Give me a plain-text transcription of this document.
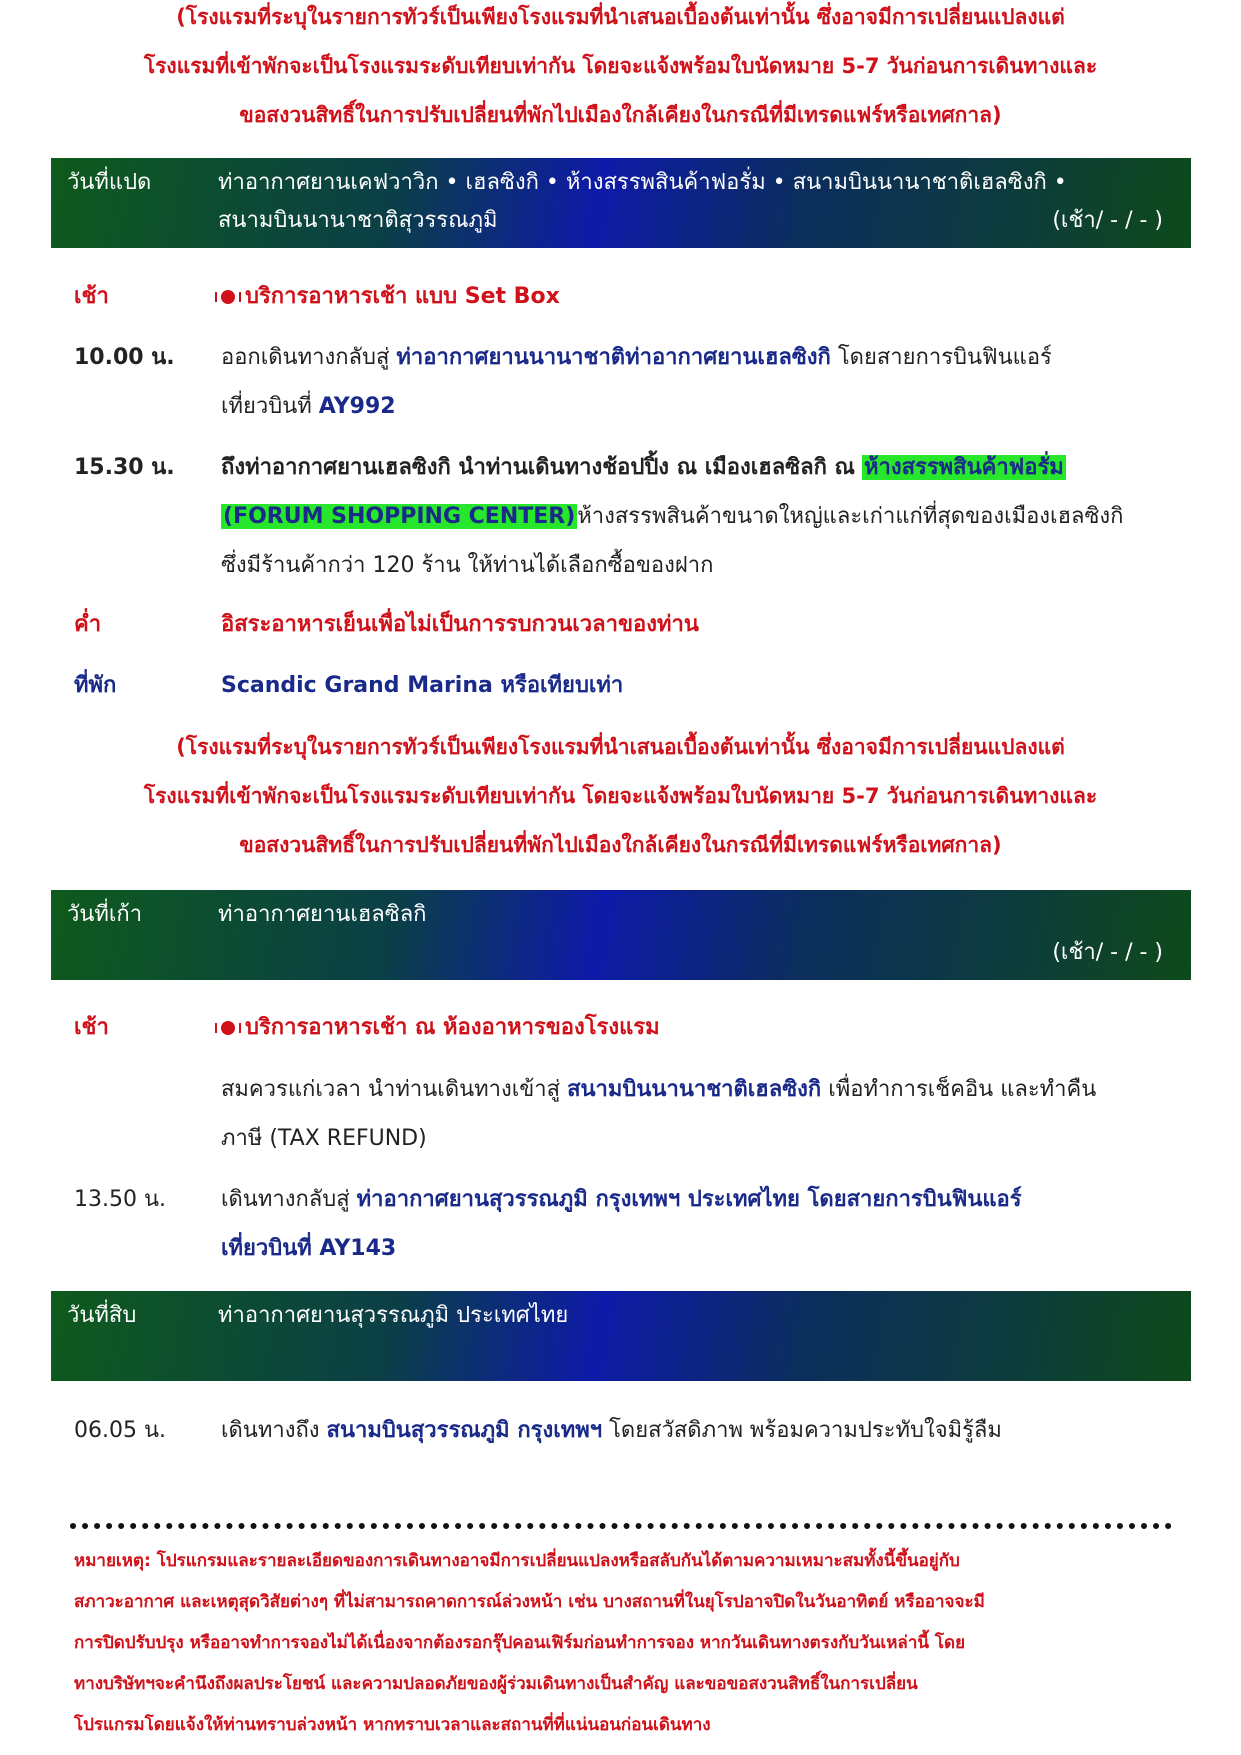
(โรงแรมที่ระบุในรายการทัวร์เป็นเพียงโรงแรมที่นำเสนอเบื้องต้นเท่านั้น ซึ่งอาจมีการเปลี่ยนแปลงแต่
โรงแรมที่เข้าพักจะเป็นโรงแรมระดับเทียบเท่ากัน โดยจะแจ้งพร้อมใบนัดหมาย 5-7 วันก่อนการเดินทางและ
ขอสงวนสิทธิ์ในการปรับเปลี่ยนที่พักไปเมืองใกล้เคียงในกรณีที่มีเทรดแฟร์หรือเทศกาล)
วันที่แปด	ท่าอากาศยานเคฟวาวิก • เฮลซิงกิ • ห้างสรรพสินค้าฟอรั่ม • สนามบินนานาชาติเฮลซิงกิ •
สนามบินนานาชาติสุวรรณภูมิ	(เช้า/ - / - )
เช้า	บริการอาหารเช้า แบบ Set Box
10.00 น.	ออกเดินทางกลับสู่ ท่าอากาศยานนานาชาติท่าอากาศยานเฮลซิงกิ โดยสายการบินฟินแอร์
เที่ยวบินที่ AY992
15.30 น.	ถึงท่าอากาศยานเฮลซิงกิ นำท่านเดินทางช้อปปิ้ง ณ เมืองเฮลซิลกิ ณ ห้างสรรพสินค้าฟอรั่ม
(FORUM SHOPPING CENTER)ห้างสรรพสินค้าขนาดใหญ่และเก่าแก่ที่สุดของเมืองเฮลซิงกิ
ซึ่งมีร้านค้ากว่า 120 ร้าน ให้ท่านได้เลือกซื้อของฝาก
ค่ำ	อิสระอาหารเย็นเพื่อไม่เป็นการรบกวนเวลาของท่าน
ที่พัก	Scandic Grand Marina หรือเทียบเท่า
(โรงแรมที่ระบุในรายการทัวร์เป็นเพียงโรงแรมที่นำเสนอเบื้องต้นเท่านั้น ซึ่งอาจมีการเปลี่ยนแปลงแต่
โรงแรมที่เข้าพักจะเป็นโรงแรมระดับเทียบเท่ากัน โดยจะแจ้งพร้อมใบนัดหมาย 5-7 วันก่อนการเดินทางและ
ขอสงวนสิทธิ์ในการปรับเปลี่ยนที่พักไปเมืองใกล้เคียงในกรณีที่มีเทรดแฟร์หรือเทศกาล)
วันที่เก้า	ท่าอากาศยานเฮลซิลกิ
(เช้า/ - / - )
เช้า	บริการอาหารเช้า ณ ห้องอาหารของโรงแรม
สมควรแก่เวลา นำท่านเดินทางเข้าสู่ สนามบินนานาชาติเฮลซิงกิ เพื่อทำการเช็คอิน และทำคืน
ภาษี (TAX REFUND)
13.50 น.	เดินทางกลับสู่ ท่าอากาศยานสุวรรณภูมิ กรุงเทพฯ ประเทศไทย โดยสายการบินฟินแอร์
เที่ยวบินที่ AY143
วันที่สิบ	ท่าอากาศยานสุวรรณภูมิ ประเทศไทย
06.05 น.	เดินทางถึง สนามบินสุวรรณภูมิ กรุงเทพฯ โดยสวัสดิภาพ พร้อมความประทับใจมิรู้ลืม
หมายเหตุ: โปรแกรมและรายละเอียดของการเดินทางอาจมีการเปลี่ยนแปลงหรือสลับกันได้ตามความเหมาะสมทั้งนี้ขึ้นอยู่กับ
สภาวะอากาศ และเหตุสุดวิสัยต่างๆ ที่ไม่สามารถคาดการณ์ล่วงหน้า เช่น บางสถานที่ในยุโรปอาจปิดในวันอาทิตย์ หรืออาจจะมี
การปิดปรับปรุง หรืออาจทำการจองไม่ได้เนื่องจากต้องรอกรุ๊ปคอนเฟิร์มก่อนทำการจอง หากวันเดินทางตรงกับวันเหล่านี้ โดย
ทางบริษัทฯจะคำนึงถึงผลประโยชน์ และความปลอดภัยของผู้ร่วมเดินทางเป็นสำคัญ และขอขอสงวนสิทธิ์ในการเปลี่ยน
โปรแกรมโดยแจ้งให้ท่านทราบล่วงหน้า หากทราบเวลาและสถานที่ที่แน่นอนก่อนเดินทาง
